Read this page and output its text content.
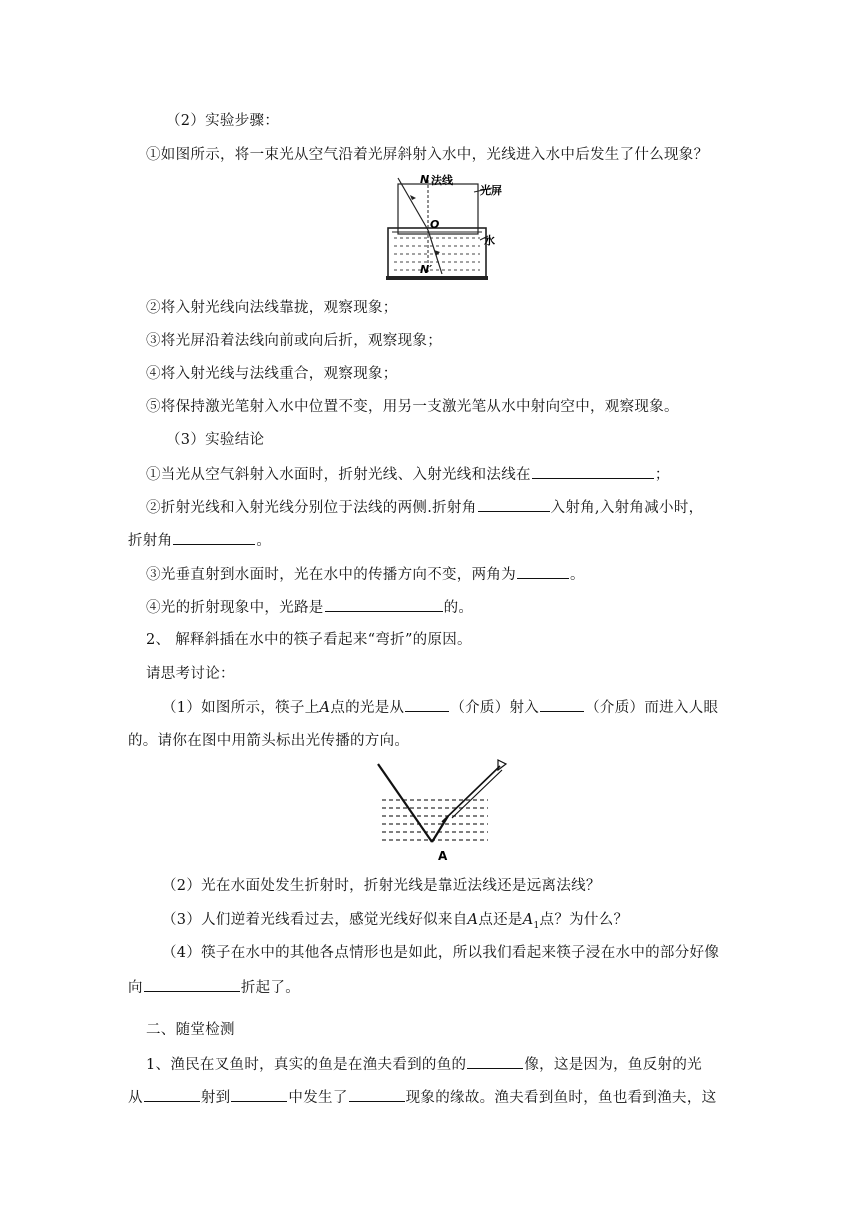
（2）实验步骤：
①如图所示，将一束光从空气沿着光屏斜射入水中，光线进入水中后发生了什么现象？
N 法线
光屏
O
水
N′
②将入射光线向法线靠拢，观察现象；
③将光屏沿着法线向前或向后折，观察现象；
④将入射光线与法线重合，观察现象；
⑤将保持激光笔射入水中位置不变，用另一支激光笔从水中射向空中，观察现象。
（3）实验结论
①当光从空气斜射入水面时，折射光线、入射光线和法线在	；
②折射光线和入射光线分别位于法线的两侧.折射角	入射角,入射角减小时，
折射角	。
③光垂直射到水面时，光在水中的传播方向不变，两角为	。
④光的折射现象中，光路是	的。
2、 解释斜插在水中的筷子看起来“弯折”的原因。
请思考讨论：
（1）如图所示，筷子上A点的光是从	（介质）射入	（介质）而进入人眼
的。请你在图中用箭头标出光传播的方向。
A
（2）光在水面处发生折射时，折射光线是靠近法线还是远离法线？
（3）人们逆着光线看过去，感觉光线好似来自A点还是$A_1$点？为什么？
（4）筷子在水中的其他各点情形也是如此，所以我们看起来筷子浸在水中的部分好像
向	折起了。
二、随堂检测
1、渔民在叉鱼时，真实的鱼是在渔夫看到的鱼的	像，这是因为，鱼反射的光
从	射到	中发生了	现象的缘故。渔夫看到鱼时，鱼也看到渔夫，这
